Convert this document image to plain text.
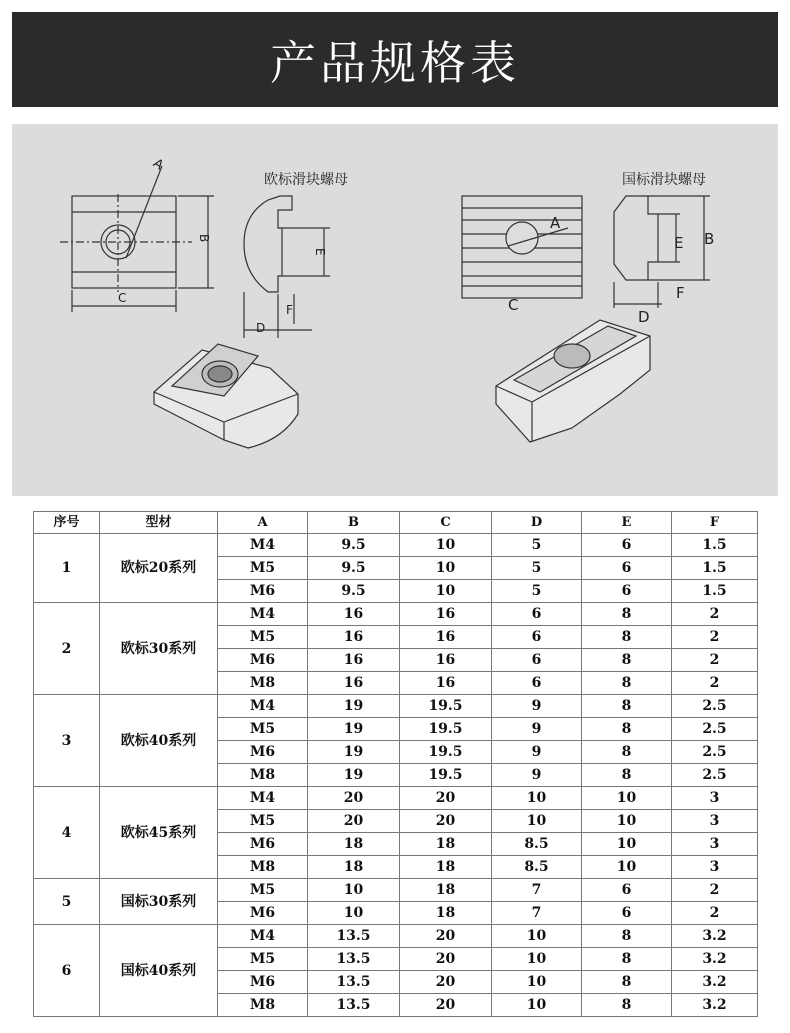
产品规格表
A
B
C
欧标滑块螺母
E
F
D
A
C
国标滑块螺母
E B
F
D
序号	型材	A	B	C	D	E	F
1	欧标20系列	M4	9.5	10	5	6	1.5
		M5	9.5	10	5	6	1.5
		M6	9.5	10	5	6	1.5
2	欧标30系列	M4	16	16	6	8	2
		M5	16	16	6	8	2
		M6	16	16	6	8	2
		M8	16	16	6	8	2
3	欧标40系列	M4	19	19.5	9	8	2.5
		M5	19	19.5	9	8	2.5
		M6	19	19.5	9	8	2.5
		M8	19	19.5	9	8	2.5
4	欧标45系列	M4	20	20	10	10	3
		M5	20	20	10	10	3
		M6	18	18	8.5	10	3
		M8	18	18	8.5	10	3
5	国标30系列	M5	10	18	7	6	2
		M6	10	18	7	6	2
6	国标40系列	M4	13.5	20	10	8	3.2
		M5	13.5	20	10	8	3.2
		M6	13.5	20	10	8	3.2
		M8	13.5	20	10	8	3.2
